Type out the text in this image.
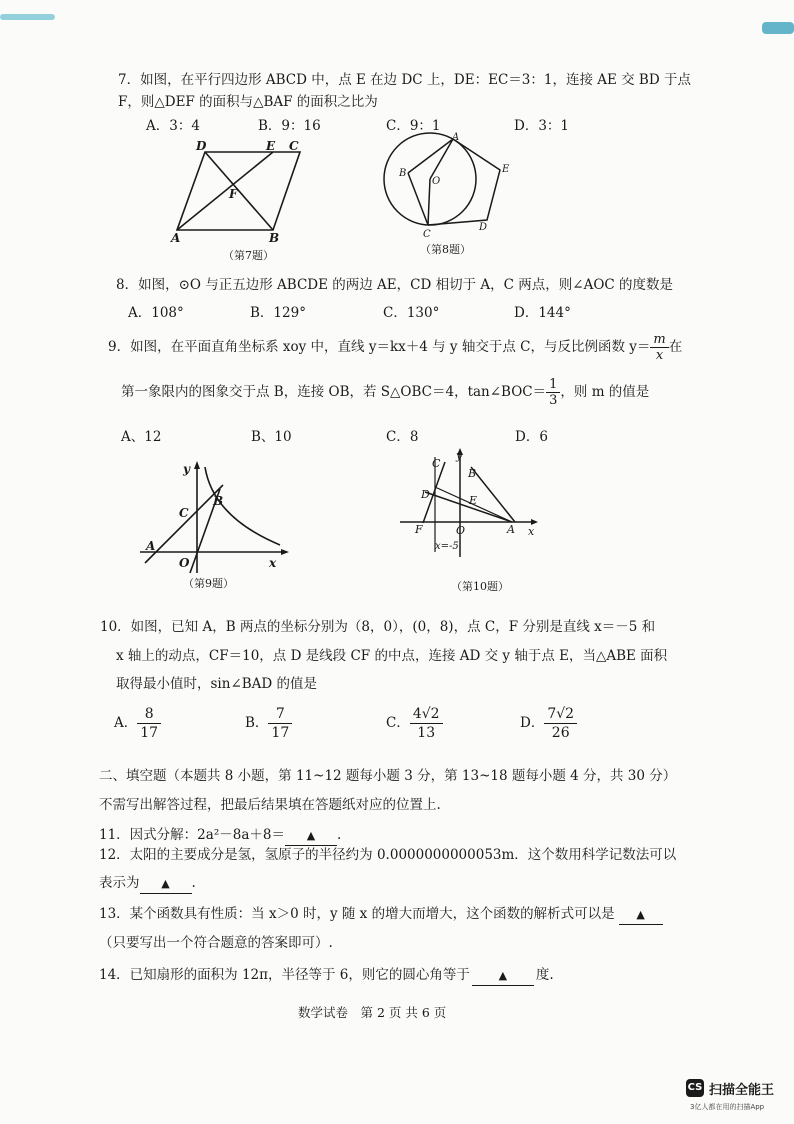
7．如图，在平行四边形 ABCD 中，点 E 在边 DC 上，DE：EC＝3：1，连接 AE 交 BD 于点
F，则△DEF 的面积与△BAF 的面积之比为
A．3：4	B．9：16	C．9：1	D．3：1
D	E C
F
A	B
（第7题）
A
B
O
E
C
D
（第8题）
8．如图，⊙O 与正五边形 ABCDE 的两边 AE，CD 相切于 A，C 两点，则∠AOC 的度数是
A．108°	B．129°	C．130°	D．144°
9．如图，在平面直角坐标系 xoy 中，直线 y＝kx＋4 与 y 轴交于点 C，与反比例函数 $y= \frac{m}{x}$ 在
第一象限内的图象交于点 B，连接 OB，若 S△OBC＝4，tan∠BOC＝ $\frac{1}{3}$ ，则 m 的值是
A、12	B、10	C．8	D．6
y
B
C
A
O	x
（第9题）
C
y
B
D	E
F	O	A x
x=-5
（第10题）
10．如图，已知 A，B 两点的坐标分别为（8，0），(0，8)，点 C，F 分别是直线 x＝－5 和
x 轴上的动点，CF＝10，点 D 是线段 CF 的中点，连接 AD 交 y 轴于点 E，当△ABE 面积
取得最小值时，sin∠BAD 的值是
A． $\frac{8}{17}$	B． $\frac{7}{17}$	C． $\frac{4√2}{13}$	D． $\frac{7√2}{26}$
二、填空题（本题共 8 小题，第 11~12 题每小题 3 分，第 13~18 题每小题 4 分，共 30 分）
不需写出解答过程，把最后结果填在答题纸对应的位置上.
11．因式分解：2a²－8a＋8＝ ▲ .
12．太阳的主要成分是氢，氢原子的半径约为 0.0000000000053m．这个数用科学记数法可以
表示为 ▲ .
13．某个函数具有性质：当 x＞0 时，y 随 x 的增大而增大，这个函数的解析式可以是 ▲
（只要写出一个符合题意的答案即可）.
14．已知扇形的面积为 12π，半径等于 6，则它的圆心角等于	▲ 度.
数学试卷　第 2 页 共 6 页
CS 扫描全能王
3亿人都在用的扫描App
